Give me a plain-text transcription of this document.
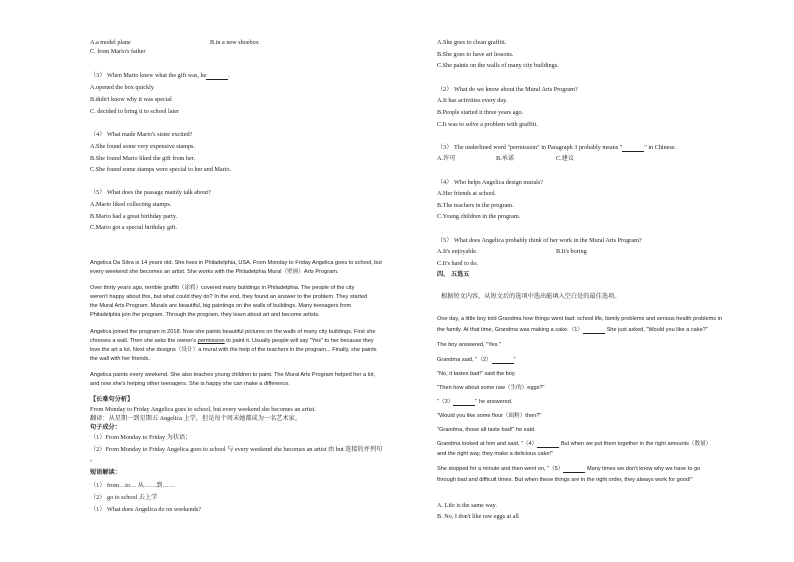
A.a model plane	B.in a new shoebox
C. from Mario's father
（3） When Mario knew what the gift was, he	.
A.opened the box quickly
B.didn't know why it was special
C. decided to bring it to school later
（4） What made Mario's sister excited?
A.She found some very expensive stamps.
B.She found Mario liked the gift from her.
C.She found some stamps were special to her and Mario.
（5） What does the passage mainly talk about?
A.Mario liked collecting stamps.
B.Mario had a great birthday party.
C.Mario got a special birthday gift.
Angelica Da Silva is 14 years old. She lives in Philadelphia, USA. From Monday to Friday Angelica goes to school, but
every weekend she becomes an artist. She works with the Philadelphia Mural（壁画）Arts Program.
Over thirty years ago, terrible graffiti（涂鸦）covered many buildings in Philadelphia. The people of the city
weren't happy about this, but what could they do? In the end, they found an answer to the problem. They started
the Mural Arts Program. Murals are beautiful, big paintings on the walls of buildings. Many teenagers from
Philadelphia join the program. Through the program, they learn about art and become artists.
Angelica joined the program in 2018. Now she paints beautiful pictures on the walls of many city buildings. First she
chooses a wall. Then she asks the owner's permission to paint it. Usually people will say "Yes" to her because they
love the art a lot. Next she designs（设计）a mural with the help of the teachers in the program... Finally, she paints
the wall with her friends.
Angelica paints every weekend. She also teaches young children to paint. The Mural Arts Program helped her a lot,
and now she's helping other teenagers. She is happy she can make a difference.
【长难句分析】
From Monday to Friday Angelica goes to school, but every weekend she becomes an artist.
翻译：从星期一到星期五 Angelica 上学，但是每个周末她都成为一名艺术家。
句子成分：
（1）From Monday to Friday 为状语；
（2）From Monday to Friday Angelica goes to school 与 every weekend she becomes an artist 由 but 连接的并列句
。
短语解读：
（1） from…to… 从……到……
（2） go to school 去上学
（1） What does Angelica do on weekends?
A.She goes to clean graffiti.
B.She goes to have art lessons.
C.She paints on the walls of many city buildings.
（2） What do we know about the Mural Arts Program?
A.It has activities every day.
B.People started it three years ago.
C.It was to solve a problem with graffiti.
（3） The underlined word "permission" in Paragraph 3 probably means "	" in Chinese.
A.许可	B.承诺	C.建议
（4） Who helps Angelica design murals?
A.Her friends at school.
B.The teachers in the program.
C.Young children in the program.
（5） What does Angelica probably think of her work in the Mural Arts Program?
A.It's enjoyable.	B.It's boring
C.It's hard to do.
四、 五选五
根据短文内容，从短文后的选项中选出能填入空白处的最佳选项。
One day, a little boy told Grandma how things went bad: school life, family problems and serious health problems in
the family. At that time, Grandma was making a cake.（1）	She just asked, "Would you like a cake?"
The boy answered, "Yes."
Grandma said, "（2）	"
"No, it tastes bad!" said the boy.
"Then how about some raw（生的）eggs?"
"（3）	" he answered.
"Would you like some flour（面粉）then?"
"Grandma, those all taste bad!" he said.
Grandma looked at him and said, "（4）	But when we put them together in the right amounts（数量）
and the right way, they make a delicious cake!"
She stopped for a minute and then went on, "（5）	Many times we don't know why we have to go
through bad and difficult times. But when these things are in the right order, they always work for good!"
A. Life is the same way.
B. No, I don't like raw eggs at all
